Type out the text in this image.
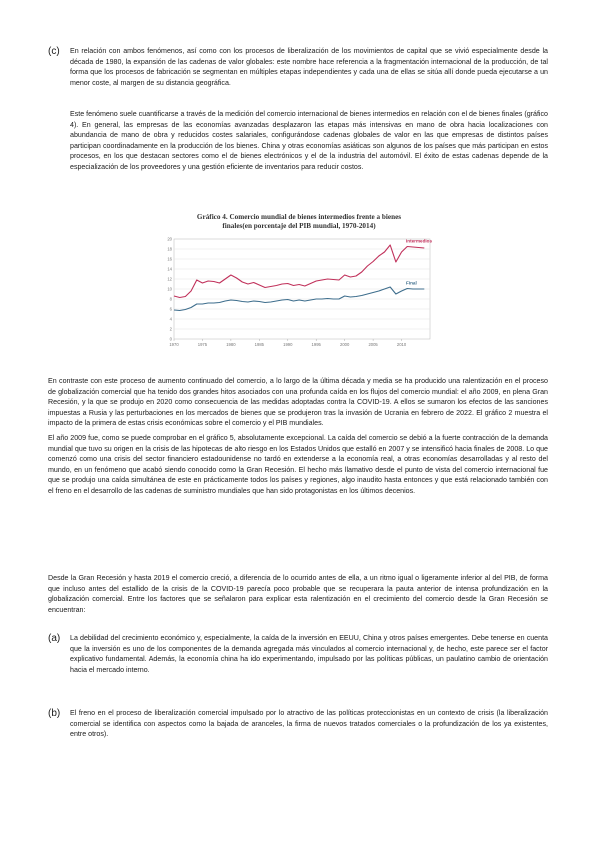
(c)	En relación con ambos fenómenos, así como con los procesos de liberalización de los movimientos de capital que se vivió especialmente desde la década de 1980, la expansión de las cadenas de valor globales: este nombre hace referencia a la fragmentación internacional de la producción, de tal forma que los procesos de fabricación se segmentan en múltiples etapas independientes y cada una de ellas se sitúa allí donde pueda ejecutarse a un menor coste, al margen de su distancia geográfica.
Este fenómeno suele cuantificarse a través de la medición del comercio internacional de bienes intermedios en relación con el de bienes finales (gráfico 4). En general, las empresas de las economías avanzadas desplazaron las etapas más intensivas en mano de obra hacia localizaciones con abundancia de mano de obra y reducidos costes salariales, configurándose cadenas globales de valor en las que empresas de distintos países participan coordinadamente en la producción de los bienes. China y otras economías asiáticas son algunos de los países que más participan en estos procesos, en los que destacan sectores como el de bienes electrónicos y el de la industria del automóvil. El éxito de estas cadenas depende de la especialización de los proveedores y una gestión eficiente de inventarios para reducir costos.
Gráfico 4. Comercio mundial de bienes intermedios frente a bienes
finales(en porcentaje del PIB mundial, 1970-2014)
0
2
4
6
8
10
12
14
16
18
20
1970	1975	1980	1985	1990	1995	2000	2005	2010
Intermedios
Final
En contraste con este proceso de aumento continuado del comercio, a lo largo de la última década y media se ha producido una ralentización en el proceso de globalización comercial que ha tenido dos grandes hitos asociados con una profunda caída en los flujos del comercio mundial: el año 2009, en plena Gran Recesión, y la que se produjo en 2020 como consecuencia de las medidas adoptadas contra la COVID-19. A ellos se sumaron los efectos de las sanciones impuestas a Rusia y las perturbaciones en los mercados de bienes que se produjeron tras la invasión de Ucrania en febrero de 2022. El gráfico 2 muestra el impacto de la primera de estas crisis económicas sobre el comercio y el PIB mundiales.
El año 2009 fue, como se puede comprobar en el gráfico 5, absolutamente excepcional. La caída del comercio se debió a la fuerte contracción de la demanda mundial que tuvo su origen en la crisis de las hipotecas de alto riesgo en los Estados Unidos que estalló en 2007 y se intensificó hacia finales de 2008. Lo que comenzó como una crisis del sector financiero estadounidense no tardó en extenderse a la economía real, a otras economías desarrolladas y al resto del mundo, en un fenómeno que acabó siendo conocido como la Gran Recesión. El hecho más llamativo desde el punto de vista del comercio internacional fue que se produjo una caída simultánea de este en prácticamente todos los países y regiones, algo inaudito hasta entonces y que está relacionado también con el freno en el desarrollo de las cadenas de suministro mundiales que han sido protagonistas en los últimos decenios.
Desde la Gran Recesión y hasta 2019 el comercio creció, a diferencia de lo ocurrido antes de ella, a un ritmo igual o ligeramente inferior al del PIB, de forma que incluso antes del estallido de la crisis de la COVID-19 parecía poco probable que se recuperara la pauta anterior de intensa profundización en la globalización comercial. Entre los factores que se señalaron para explicar esta ralentización en el crecimiento del comercio desde la Gran Recesión se encuentran:
(a)	La debilidad del crecimiento económico y, especialmente, la caída de la inversión en EEUU, China y otros países emergentes. Debe tenerse en cuenta que la inversión es uno de los componentes de la demanda agregada más vinculados al comercio internacional y, de hecho, este parece ser el factor explicativo fundamental. Además, la economía china ha ido experimentando, impulsado por las políticas públicas, un paulatino cambio de orientación hacia el mercado interno.
(b)	El freno en el proceso de liberalización comercial impulsado por lo atractivo de las políticas proteccionistas en un contexto de crisis (la liberalización comercial se identifica con aspectos como la bajada de aranceles, la firma de nuevos tratados comerciales o la profundización de los ya existentes, entre otros).
